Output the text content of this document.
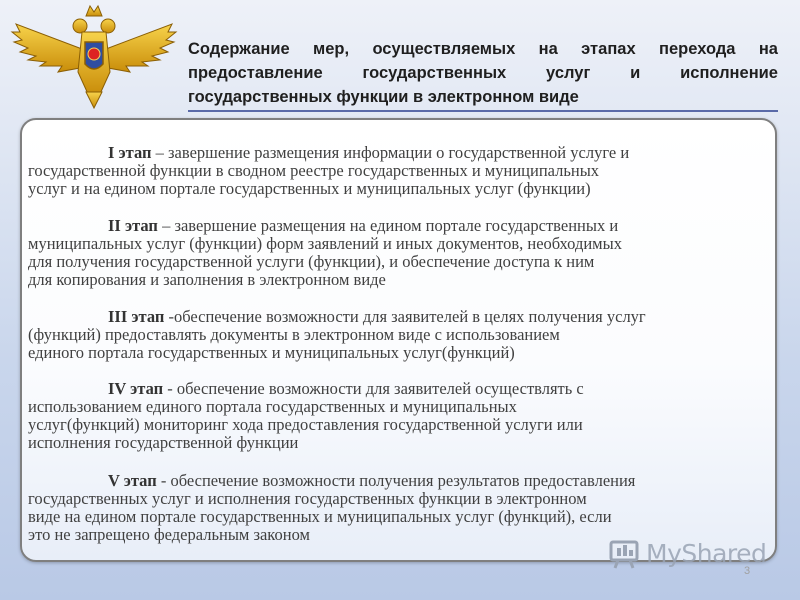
Содержание мер, осуществляемых на этапах перехода на
предоставление государственных услуг и исполнение
государственных функции в электронном виде
I этап – завершение размещения информации о государственной услуге и
государственной функции в сводном реестре государственных и муниципальных
услуг и на едином портале государственных и муниципальных услуг (функции)
II этап – завершение размещения на едином портале государственных и
муниципальных услуг (функции) форм заявлений и иных документов, необходимых
для получения государственной услуги (функции), и обеспечение доступа к ним
для копирования и заполнения в электронном виде
III этап -обеспечение возможности для заявителей в целях получения услуг
(функций) предоставлять документы в электронном виде с использованием
единого портала государственных и муниципальных услуг(функций)
IV этап - обеспечение возможности для заявителей осуществлять с
использованием единого портала государственных и муниципальных
услуг(функций) мониторинг хода предоставления государственной услуги или
исполнения государственной функции
V этап - обеспечение возможности получения результатов предоставления
государственных услуг и исполнения государственных функции в электронном
виде на едином портале государственных и муниципальных услуг (функций), если
это не запрещено федеральным законом
MyShared
3
